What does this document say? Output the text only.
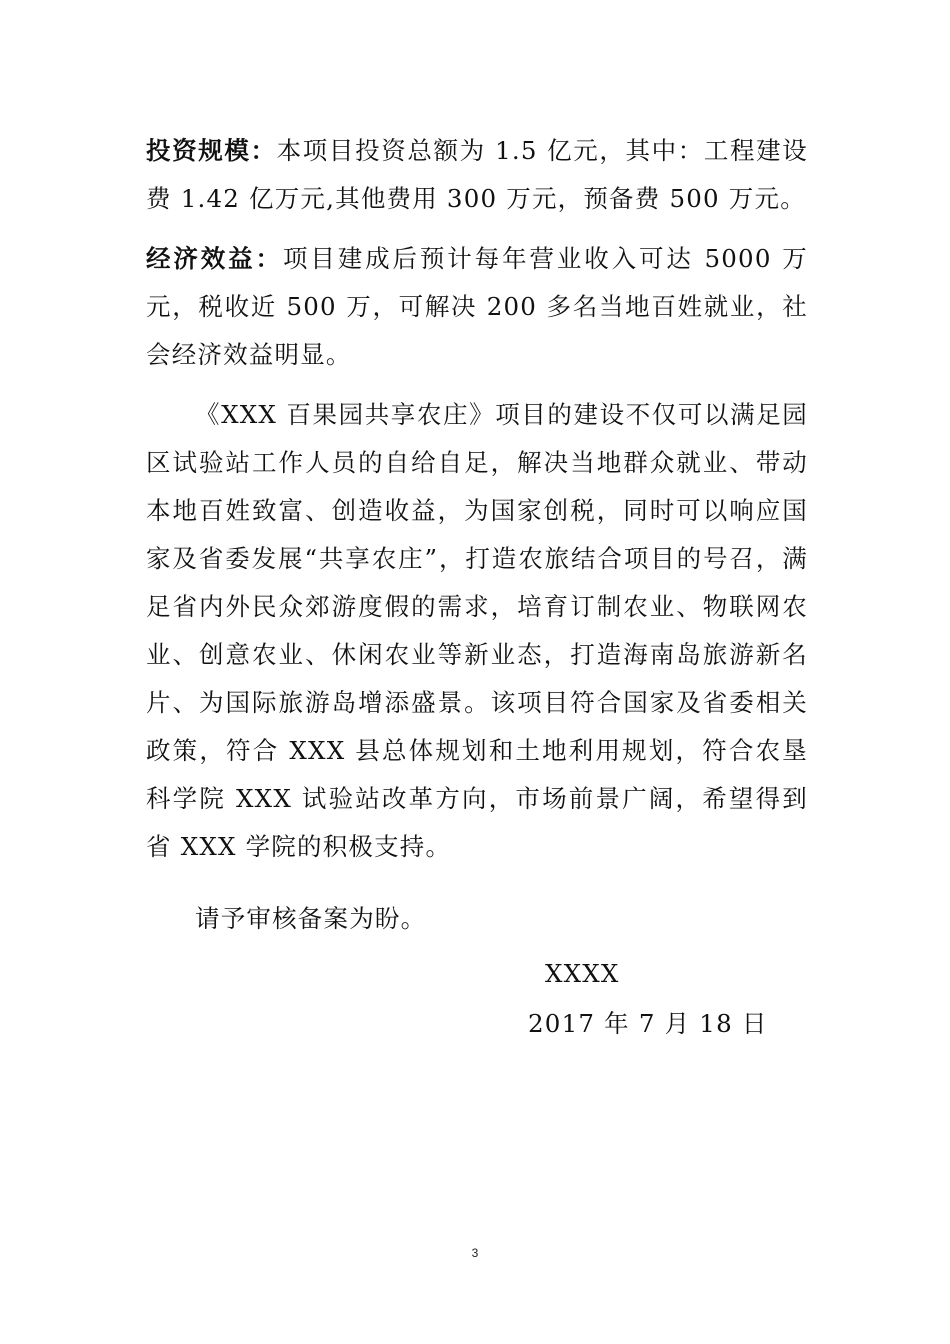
投资规模：本项目投资总额为 1.5 亿元，其中：工程建设费 1.42 亿万元,其他费用 300 万元，预备费 500 万元。

经济效益：项目建成后预计每年营业收入可达 5000 万元，税收近 500 万，可解决 200 多名当地百姓就业，社会经济效益明显。

《XXX 百果园共享农庄》项目的建设不仅可以满足园区试验站工作人员的自给自足，解决当地群众就业、带动本地百姓致富、创造收益，为国家创税，同时可以响应国家及省委发展“共享农庄”，打造农旅结合项目的号召，满足省内外民众郊游度假的需求，培育订制农业、物联网农业、创意农业、休闲农业等新业态，打造海南岛旅游新名片、为国际旅游岛增添盛景。该项目符合国家及省委相关政策，符合 XXX 县总体规划和土地利用规划，符合农垦科学院 XXX 试验站改革方向，市场前景广阔，希望得到省 XXX 学院的积极支持。

请予审核备案为盼。

XXXX
2017 年 7 月 18 日
3
